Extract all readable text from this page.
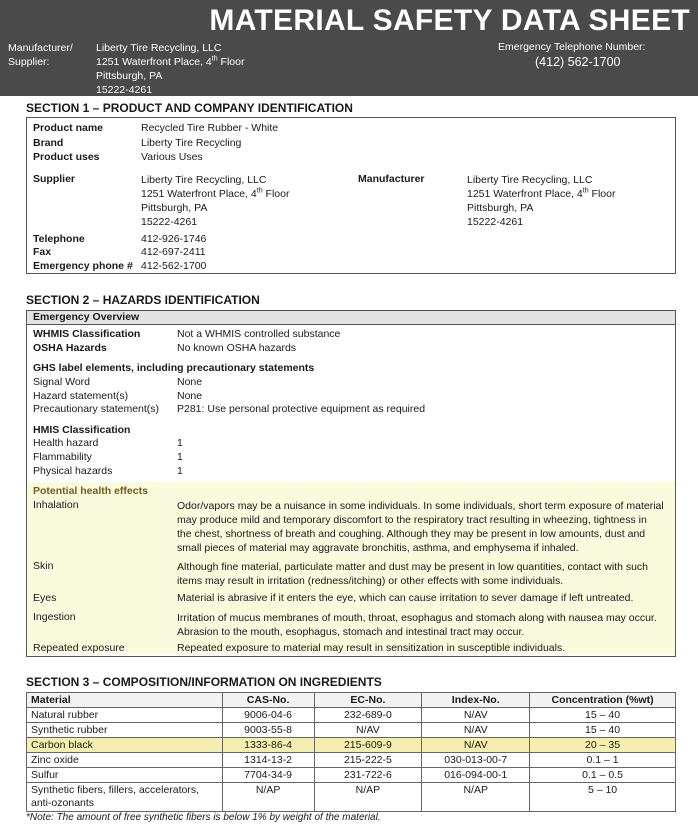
MATERIAL SAFETY DATA SHEET
Manufacturer/
Supplier:
Liberty Tire Recycling, LLC
1251 Waterfront Place, 4th Floor
Pittsburgh, PA
15222-4261
Emergency Telephone Number:
(412) 562-1700
SECTION 1 – PRODUCT AND COMPANY IDENTIFICATION
Product name	Recycled Tire Rubber - White
Brand	Liberty Tire Recycling
Product uses	Various Uses
Supplier	Liberty Tire Recycling, LLC
1251 Waterfront Place, 4th Floor
Pittsburgh, PA
15222-4261
Manufacturer	Liberty Tire Recycling, LLC
1251 Waterfront Place, 4th Floor
Pittsburgh, PA
15222-4261
Telephone	412-926-1746
Fax	412-697-2411
Emergency phone # 412-562-1700
SECTION 2 – HAZARDS IDENTIFICATION
Emergency Overview
WHMIS Classification	Not a WHMIS controlled substance
OSHA Hazards	No known OSHA hazards
GHS label elements, including precautionary statements
Signal Word	None
Hazard statement(s)	None
Precautionary statement(s) P281: Use personal protective equipment as required
HMIS Classification
Health hazard	1
Flammability	1
Physical hazards	1
Potential health effects
Inhalation	Odor/vapors may be a nuisance in some individuals. In some individuals, short term exposure of material
may produce mild and temporary discomfort to the respiratory tract resulting in wheezing, tightness in
the chest, shortness of breath and coughing. Although they may be present in low amounts, dust and
small pieces of material may aggravate bronchitis, asthma, and emphysema if inhaled.
Skin	Although fine material, particulate matter and dust may be present in low quantities, contact with such
items may result in irritation (redness/itching) or other effects with some individuals.
Eyes	Material is abrasive if it enters the eye, which can cause irritation to sever damage if left untreated.
Ingestion	Irritation of mucus membranes of mouth, throat, esophagus and stomach along with nausea may occur.
Abrasion to the mouth, esophagus, stomach and intestinal tract may occur.
Repeated exposure	Repeated exposure to material may result in sensitization in susceptible individuals.
SECTION 3 – COMPOSITION/INFORMATION ON INGREDIENTS
Material	CAS-No.	EC-No.	Index-No.	Concentration (%wt)
Natural rubber	9006-04-6	232-689-0	N/AV	15 – 40
Synthetic rubber	9003-55-8	N/AV	N/AV	15 – 40
Carbon black	1333-86-4	215-609-9	N/AV	20 – 35
Zinc oxide	1314-13-2	215-222-5	030-013-00-7	0.1 – 1
Sulfur	7704-34-9	231-722-6	016-094-00-1	0.1 – 0.5

Synthetic fibers, fillers, accelerators,
anti-ozonants	N/AP	N/AP	N/AP	5 – 10
*Note: The amount of free synthetic fibers is below 1% by weight of the material.
